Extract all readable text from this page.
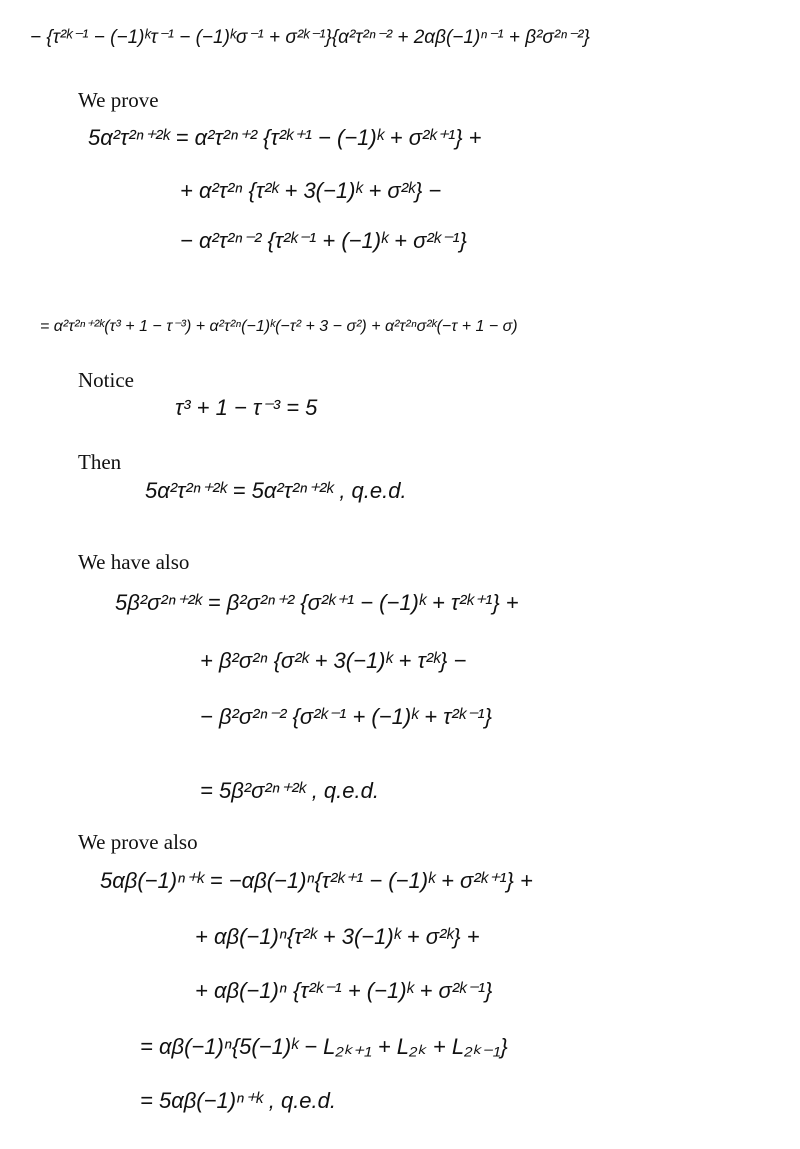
− {τ²ᵏ⁻¹ − (−1)ᵏτ⁻¹ − (−1)ᵏσ⁻¹ + σ²ᵏ⁻¹}{α²τ²ⁿ⁻² + 2αβ(−1)ⁿ⁻¹ + β²σ²ⁿ⁻²}
We prove
5α²τ²ⁿ⁺²ᵏ = α²τ²ⁿ⁺² {τ²ᵏ⁺¹ − (−1)ᵏ + σ²ᵏ⁺¹} +
+ α²τ²ⁿ {τ²ᵏ + 3(−1)ᵏ + σ²ᵏ} −
− α²τ²ⁿ⁻² {τ²ᵏ⁻¹ + (−1)ᵏ + σ²ᵏ⁻¹}
= α²τ²ⁿ⁺²ᵏ(τ³ + 1 − τ⁻³) + α²τ²ⁿ(−1)ᵏ(−τ² + 3 − σ²) + α²τ²ⁿσ²ᵏ(−τ + 1 − σ)
Notice
τ³ + 1 − τ⁻³ = 5
Then
5α²τ²ⁿ⁺²ᵏ = 5α²τ²ⁿ⁺²ᵏ , q.e.d.
We have also
5β²σ²ⁿ⁺²ᵏ = β²σ²ⁿ⁺² {σ²ᵏ⁺¹ − (−1)ᵏ + τ²ᵏ⁺¹} +
+ β²σ²ⁿ {σ²ᵏ + 3(−1)ᵏ + τ²ᵏ} −
− β²σ²ⁿ⁻² {σ²ᵏ⁻¹ + (−1)ᵏ + τ²ᵏ⁻¹}
= 5β²σ²ⁿ⁺²ᵏ , q.e.d.
We prove also
5αβ(−1)ⁿ⁺ᵏ = −αβ(−1)ⁿ{τ²ᵏ⁺¹ − (−1)ᵏ + σ²ᵏ⁺¹} +
+ αβ(−1)ⁿ{τ²ᵏ + 3(−1)ᵏ + σ²ᵏ} +
+ αβ(−1)ⁿ {τ²ᵏ⁻¹ + (−1)ᵏ + σ²ᵏ⁻¹}
= αβ(−1)ⁿ{5(−1)ᵏ − L₂ₖ₊₁ + L₂ₖ + L₂ₖ₋₁}
= 5αβ(−1)ⁿ⁺ᵏ , q.e.d.
